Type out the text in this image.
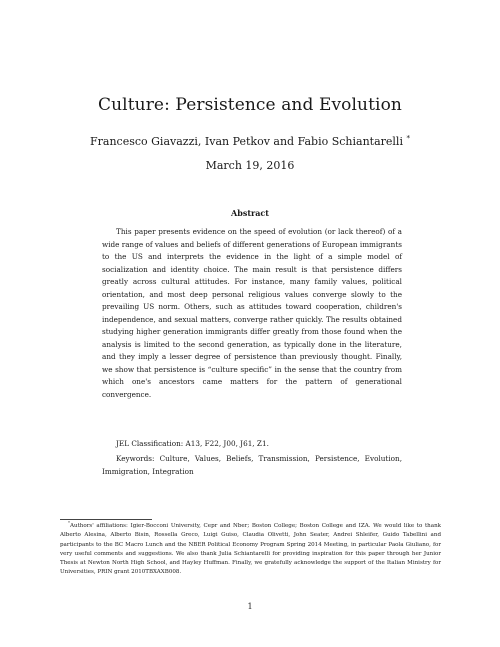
Culture: Persistence and Evolution
Francesco Giavazzi, Ivan Petkov and Fabio Schiantarelli *
March 19, 2016
Abstract
This paper presents evidence on the speed of evolution (or lack thereof) of a wide range of values and beliefs of different generations of European immigrants to the US and interprets the evidence in the light of a simple model of socialization and identity choice. The main result is that persistence differs greatly across cultural attitudes. For instance, many family values, political orientation, and most deep personal religious values converge slowly to the prevailing US norm. Others, such as attitudes toward cooperation, children's independence, and sexual matters, converge rather quickly. The results obtained studying higher generation immigrants differ greatly from those found when the analysis is limited to the second generation, as typically done in the literature, and they imply a lesser degree of persistence than previously thought. Finally, we show that persistence is “culture specific” in the sense that the country from which one's ancestors came matters for the pattern of generational convergence.
JEL Classification: A13, F22, J00, J61, Z1.
Keywords: Culture, Values, Beliefs, Transmission, Persistence, Evolution, Immigration, Integration
*Authors' affiliations: Igier-Bocconi University, Cepr and Nber; Boston College; Boston College and IZA. We would like to thank Alberto Alesina, Alberto Bisin, Rossella Greco, Luigi Guiso, Claudia Olivetti, John Seater, Andrei Shleifer, Guido Tabellini and participants to the BC Macro Lunch and the NBER Political Economy Program Spring 2014 Meeting, in particular Paola Giuliano, for very useful comments and suggestions. We also thank Julia Schiantarelli for providing inspiration for this paper through her Junior Thesis at Newton North High School, and Hayley Huffman. Finally, we gratefully acknowledge the support of the Italian Ministry for Universities, PRIN grant 2010TBXAXB008.
1
